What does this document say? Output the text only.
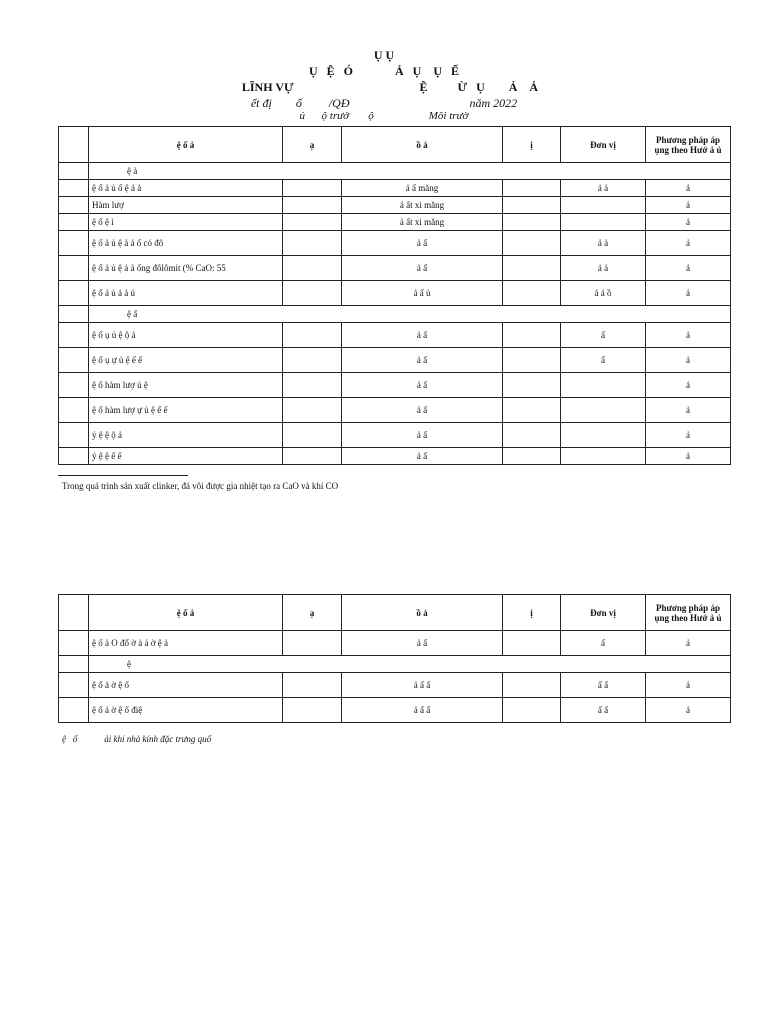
Ụ Ụ
Ụ   Ệ   Ó              Ả   Ụ    Ụ   Ế
LĨNH VỰ                                          Ệ          Ừ   Ụ        Ả    Ả
ết đị        ố         /QĐ                                        năm 2022
ủ      ộ trưở       ộ                    Môi trườ
	ệ ố ả	ạ	ồ ả	ị	Đơn vị	Phương pháp áp ụng theo Hướ ả ủ
	ệ ả					
	ệ ố ả ủ ố ệ ả ả		ả ấ măng		ả ả	ả
	Hàm lượ		ả ất xi măng			ả
	ệ ố ệ ỉ		ả ất xi măng			ả
	ệ ố ả ủ ệ ả ả ố có đô		ả ấ		ả ả	ả
	ệ ố ả ủ ệ ả ả ống đôlômit (% CaO: 55		ả ấ		ả ả	ả
	ệ ố ả ủ ả ả ủ		ả ấ ủ		ả ả ồ	ả
	ệ ấ					
	ệ ố ụ ủ ệ ộ ả		ả ấ		ấ	ả
	ệ ố ụ ự ủ ệ ế ế		ả ấ		ấ	ả
	ệ ố hàm lượ ủ ệ		ả ấ			ả
	ệ ố hàm lượ ự ủ ệ ế ế		ả ấ			ả
	ỷ ệ ệ ộ ả		ả ấ			ả
	ỷ ệ ệ ế ế		ả ấ			ả
Trong quá trình sản xuất clinker, đá vôi được gia nhiệt tạo ra CaO và khí CO
	ệ ố ả	ạ	ồ ả	ị	Đơn vị	Phương pháp áp ụng theo Hướ ả ủ
	ệ ố ả O đổ ờ ả ả ờ ệ ả		ả ấ		ấ	ả
	ệ					
	ệ ố ả ờ ệ ố		ả ấ ấ		ấ ấ	ả
	ệ ố ả ờ ệ ố điệ		ả ấ ấ		ấ ấ	ả
ệ   ố            ải khí nhà kính đặc trưng quố
